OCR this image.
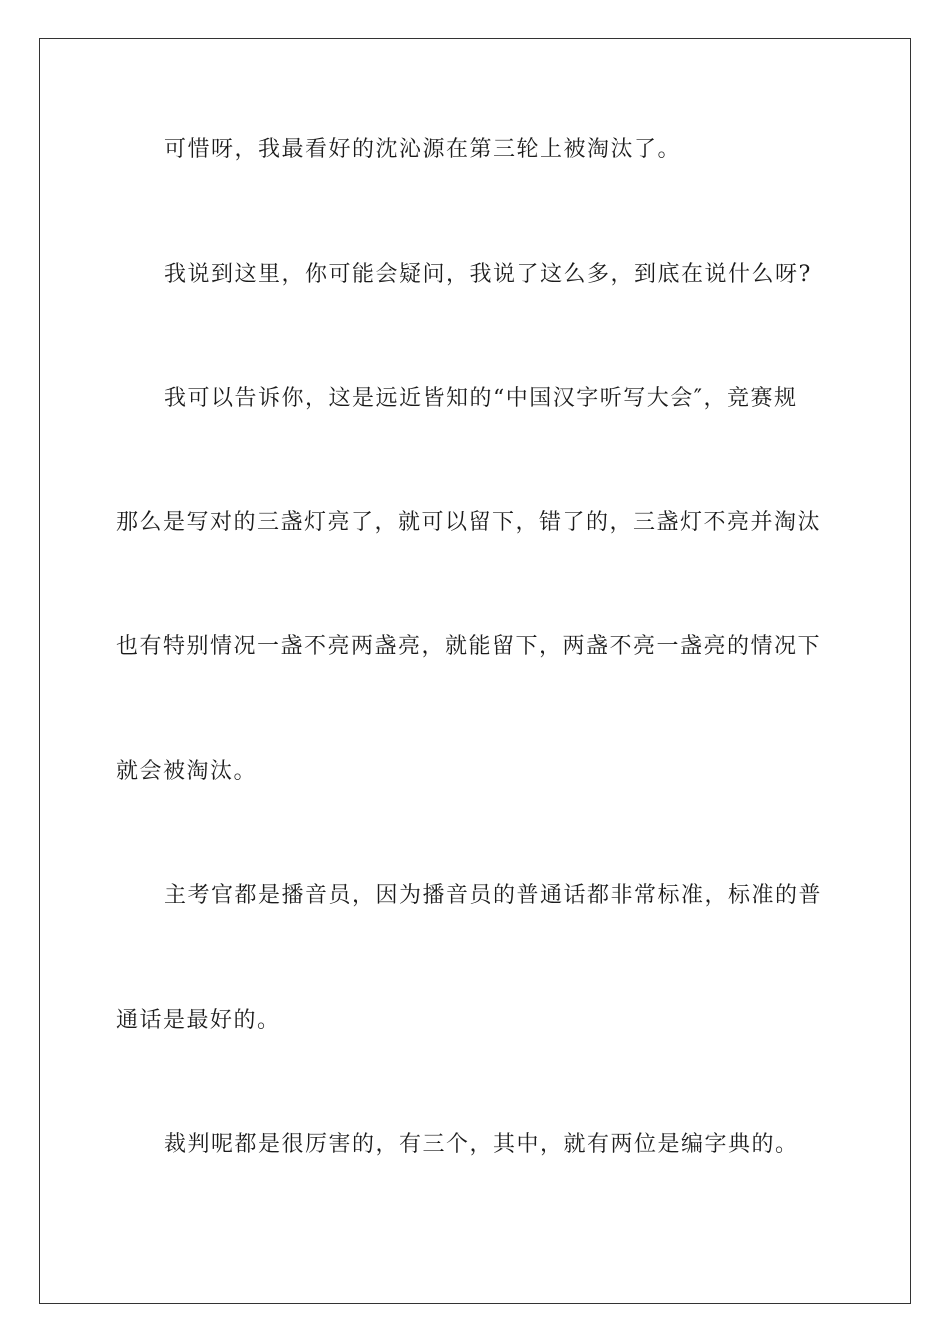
可惜呀，我最看好的沈沁源在第三轮上被淘汰了。
我说到这里，你可能会疑问，我说了这么多，到底在说什么呀?
我可以告诉你，这是远近皆知的“中国汉字听写大会″，竞赛规
那么是写对的三盏灯亮了，就可以留下，错了的，三盏灯不亮并淘汰
也有特别情况一盏不亮两盏亮，就能留下，两盏不亮一盏亮的情况下
就会被淘汰。
主考官都是播音员，因为播音员的普通话都非常标准，标准的普
通话是最好的。
裁判呢都是很厉害的，有三个，其中，就有两位是编字典的。
